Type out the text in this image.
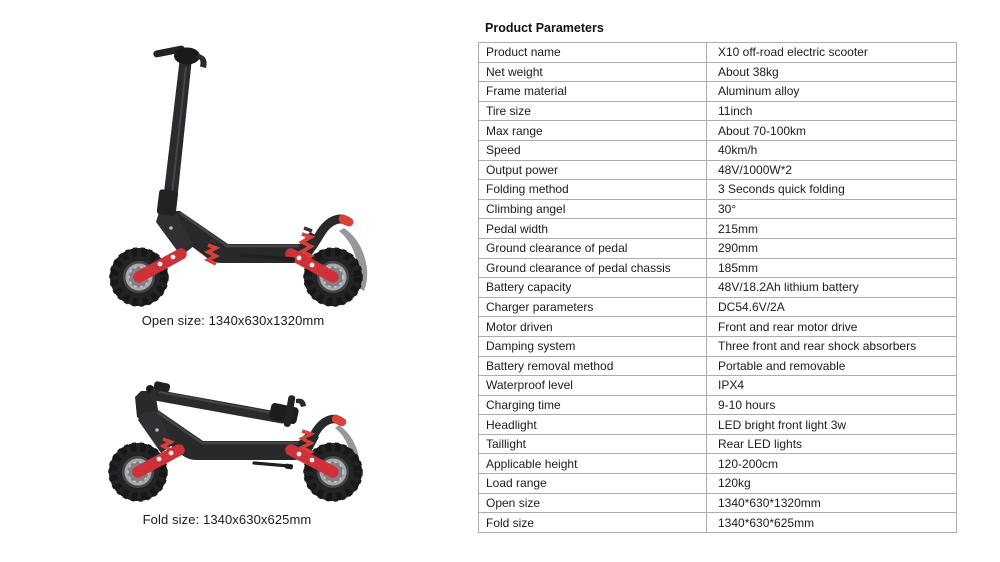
Open size: 1340x630x1320mm
Fold size: 1340x630x625mm
Product Parameters
Product name	X10 off-road electric scooter
Net weight	About 38kg
Frame material	Aluminum alloy
Tire size	11inch
Max range	About 70-100km
Speed	40km/h
Output power	48V/1000W*2
Folding method	3 Seconds quick folding
Climbing angel	30°
Pedal width	215mm
Ground clearance of pedal	290mm
Ground clearance of pedal chassis	185mm
Battery capacity	48V/18.2Ah lithium battery
Charger parameters	DC54.6V/2A
Motor driven	Front and rear motor drive
Damping system	Three front and rear shock absorbers
Battery removal method	Portable and removable
Waterproof level	IPX4
Charging time	9-10 hours
Headlight	LED bright front light 3w
Taillight	Rear LED lights
Applicable height	120-200cm
Load range	120kg
Open size	1340*630*1320mm
Fold size	1340*630*625mm
